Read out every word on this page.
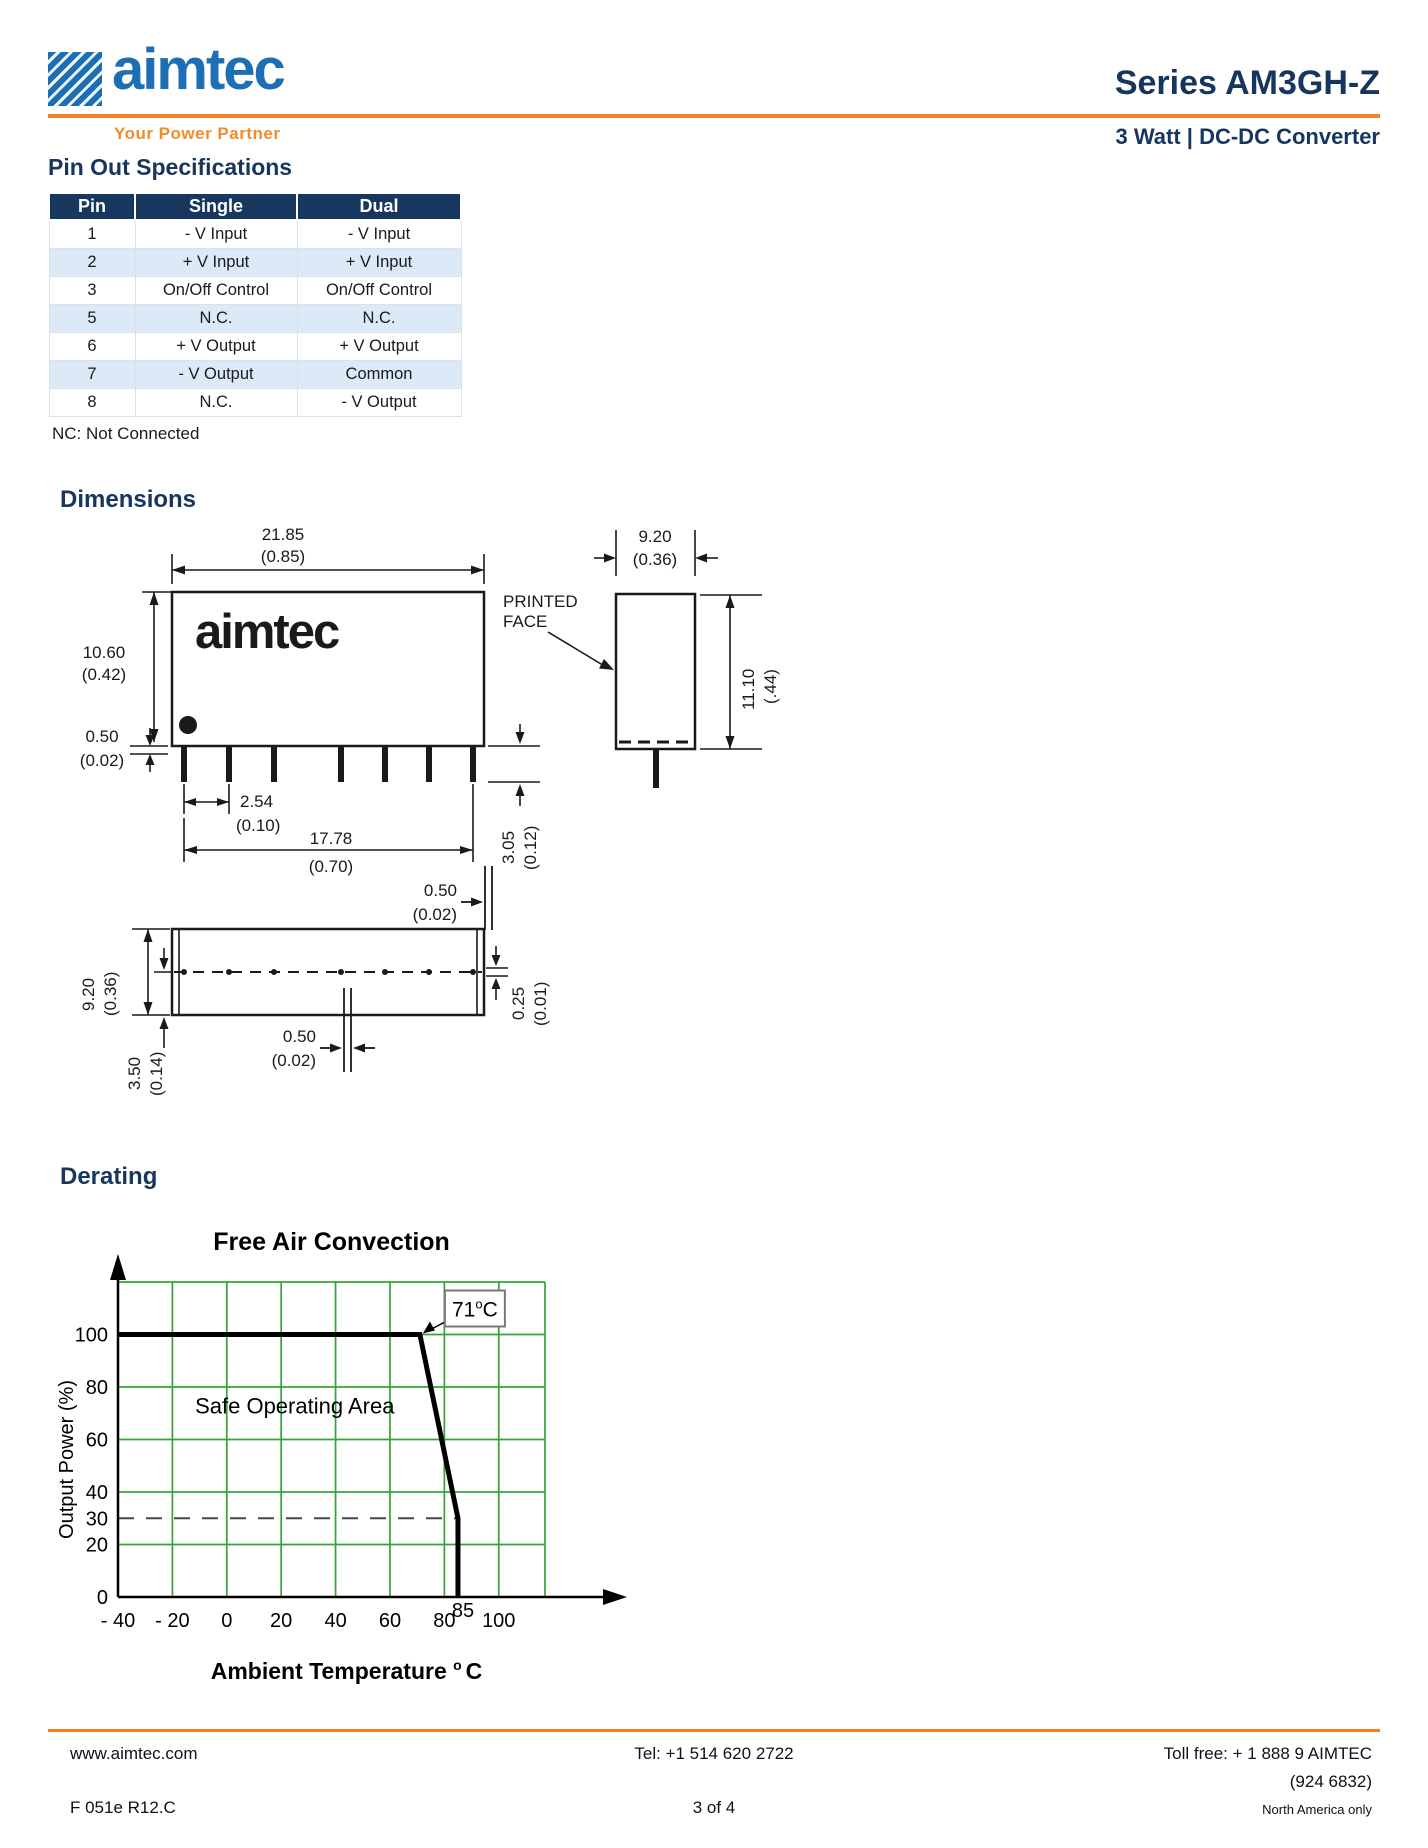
aimtec
Your Power Partner
Series AM3GH-Z
3 Watt | DC-DC Converter
Pin Out Specifications
Pin	Single	Dual
1	- V Input	- V Input
2	+ V Input	+ V Input
3	On/Off Control	On/Off Control
5	N.C.	N.C.
6	+ V Output	+ V Output
7	- V Output	Common
8	N.C.	- V Output
NC: Not Connected
Dimensions
aimtec
21.85
(0.85)
10.60
(0.42)
0.50
(0.02)
2.54
(0.10)
17.78
(0.70)
3.05 (0.12)
9.20
(0.36)
PRINTED
FACE
11.10 (.44)
9.20 (0.36)
3.50 (0.14)
0.50
(0.02)
0.25 (0.01)
0.50
(0.02)
Derating
Free Air Convection
0
20
30
40
60
80
100
- 40 - 20 0 20 40 60 80
85 100
Output Power (%)
Ambient Temperature $^o$ C
Safe Operating Area
71$^o$C
www.aimtec.com	Tel: +1 514 620 2722	Toll free: + 1 888 9 AIMTEC
(924 6832)
F 051e R12.C	3 of 4	North America only
